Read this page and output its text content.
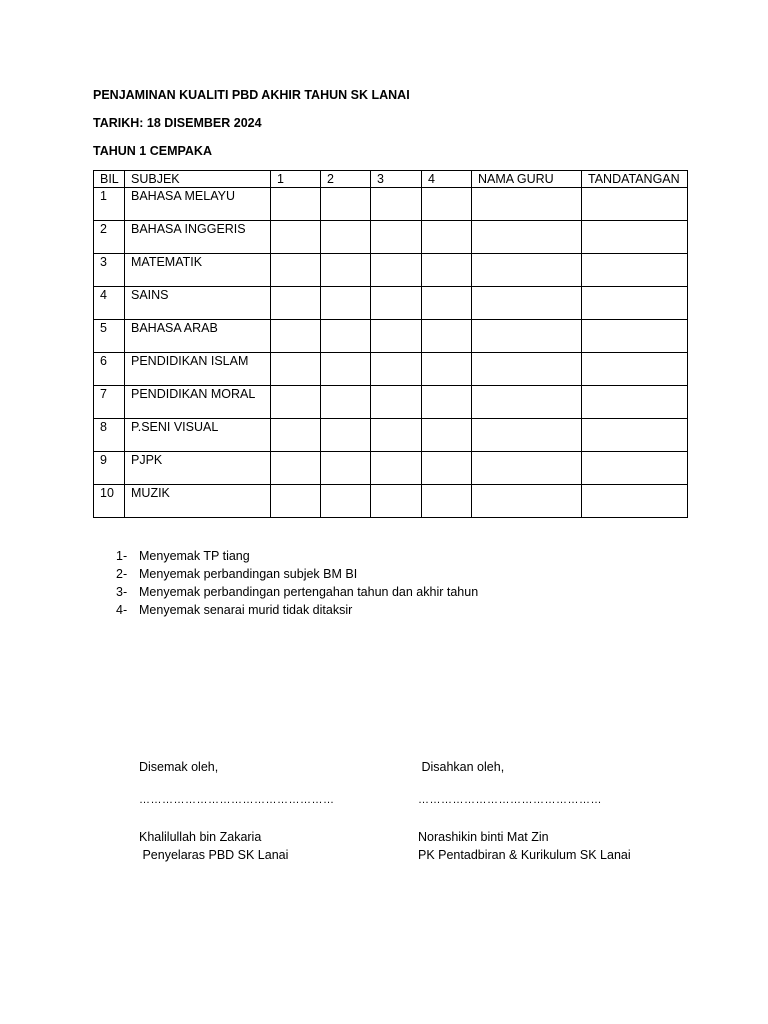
PENJAMINAN KUALITI PBD AKHIR TAHUN SK LANAI
TARIKH: 18 DISEMBER 2024
TAHUN 1 CEMPAKA
BIL	SUBJEK	1	2	3	4	NAMA GURU	TANDATANGAN
1	BAHASA MELAYU						
2	BAHASA INGGERIS						
3	MATEMATIK						
4	SAINS						
5	BAHASA ARAB						
6	PENDIDIKAN ISLAM						
7	PENDIDIKAN MORAL						
8	P.SENI VISUAL						
9	PJPK						
10	MUZIK						
1- Menyemak TP tiang
2- Menyemak perbandingan subjek BM BI
3- Menyemak perbandingan pertengahan tahun dan akhir tahun
4- Menyemak senarai murid tidak ditaksir
Disemak oleh,
……………………………………………
Khalilullah bin Zakaria
Penyelaras PBD SK Lanai
Disahkan oleh,
…………………………………………
Norashikin binti Mat Zin
PK Pentadbiran & Kurikulum SK Lanai
